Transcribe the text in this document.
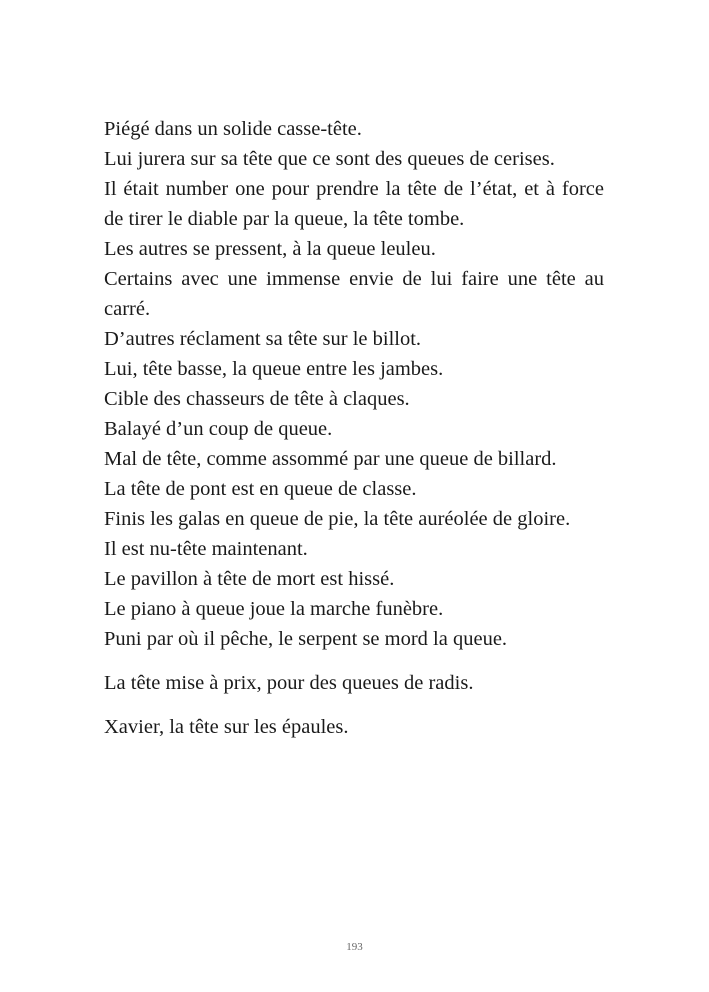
Piégé dans un solide casse-tête.
Lui jurera sur sa tête que ce sont des queues de cerises.
Il était number one pour prendre la tête de l’état, et à force de tirer le diable par la queue, la tête tombe.
Les autres se pressent, à la queue leuleu.
Certains avec une immense envie de lui faire une tête au carré.
D’autres réclament sa tête sur le billot.
Lui, tête basse, la queue entre les jambes.
Cible des chasseurs de tête à claques.
Balayé d’un coup de queue.
Mal de tête, comme assommé par une queue de billard.
La tête de pont est en queue de classe.
Finis les galas en queue de pie, la tête auréolée de gloire.
Il est nu-tête maintenant.
Le pavillon à tête de mort est hissé.
Le piano à queue joue la marche funèbre.
Puni par où il pêche, le serpent se mord la queue.
La tête mise à prix, pour des queues de radis.
Xavier, la tête sur les épaules.
193
